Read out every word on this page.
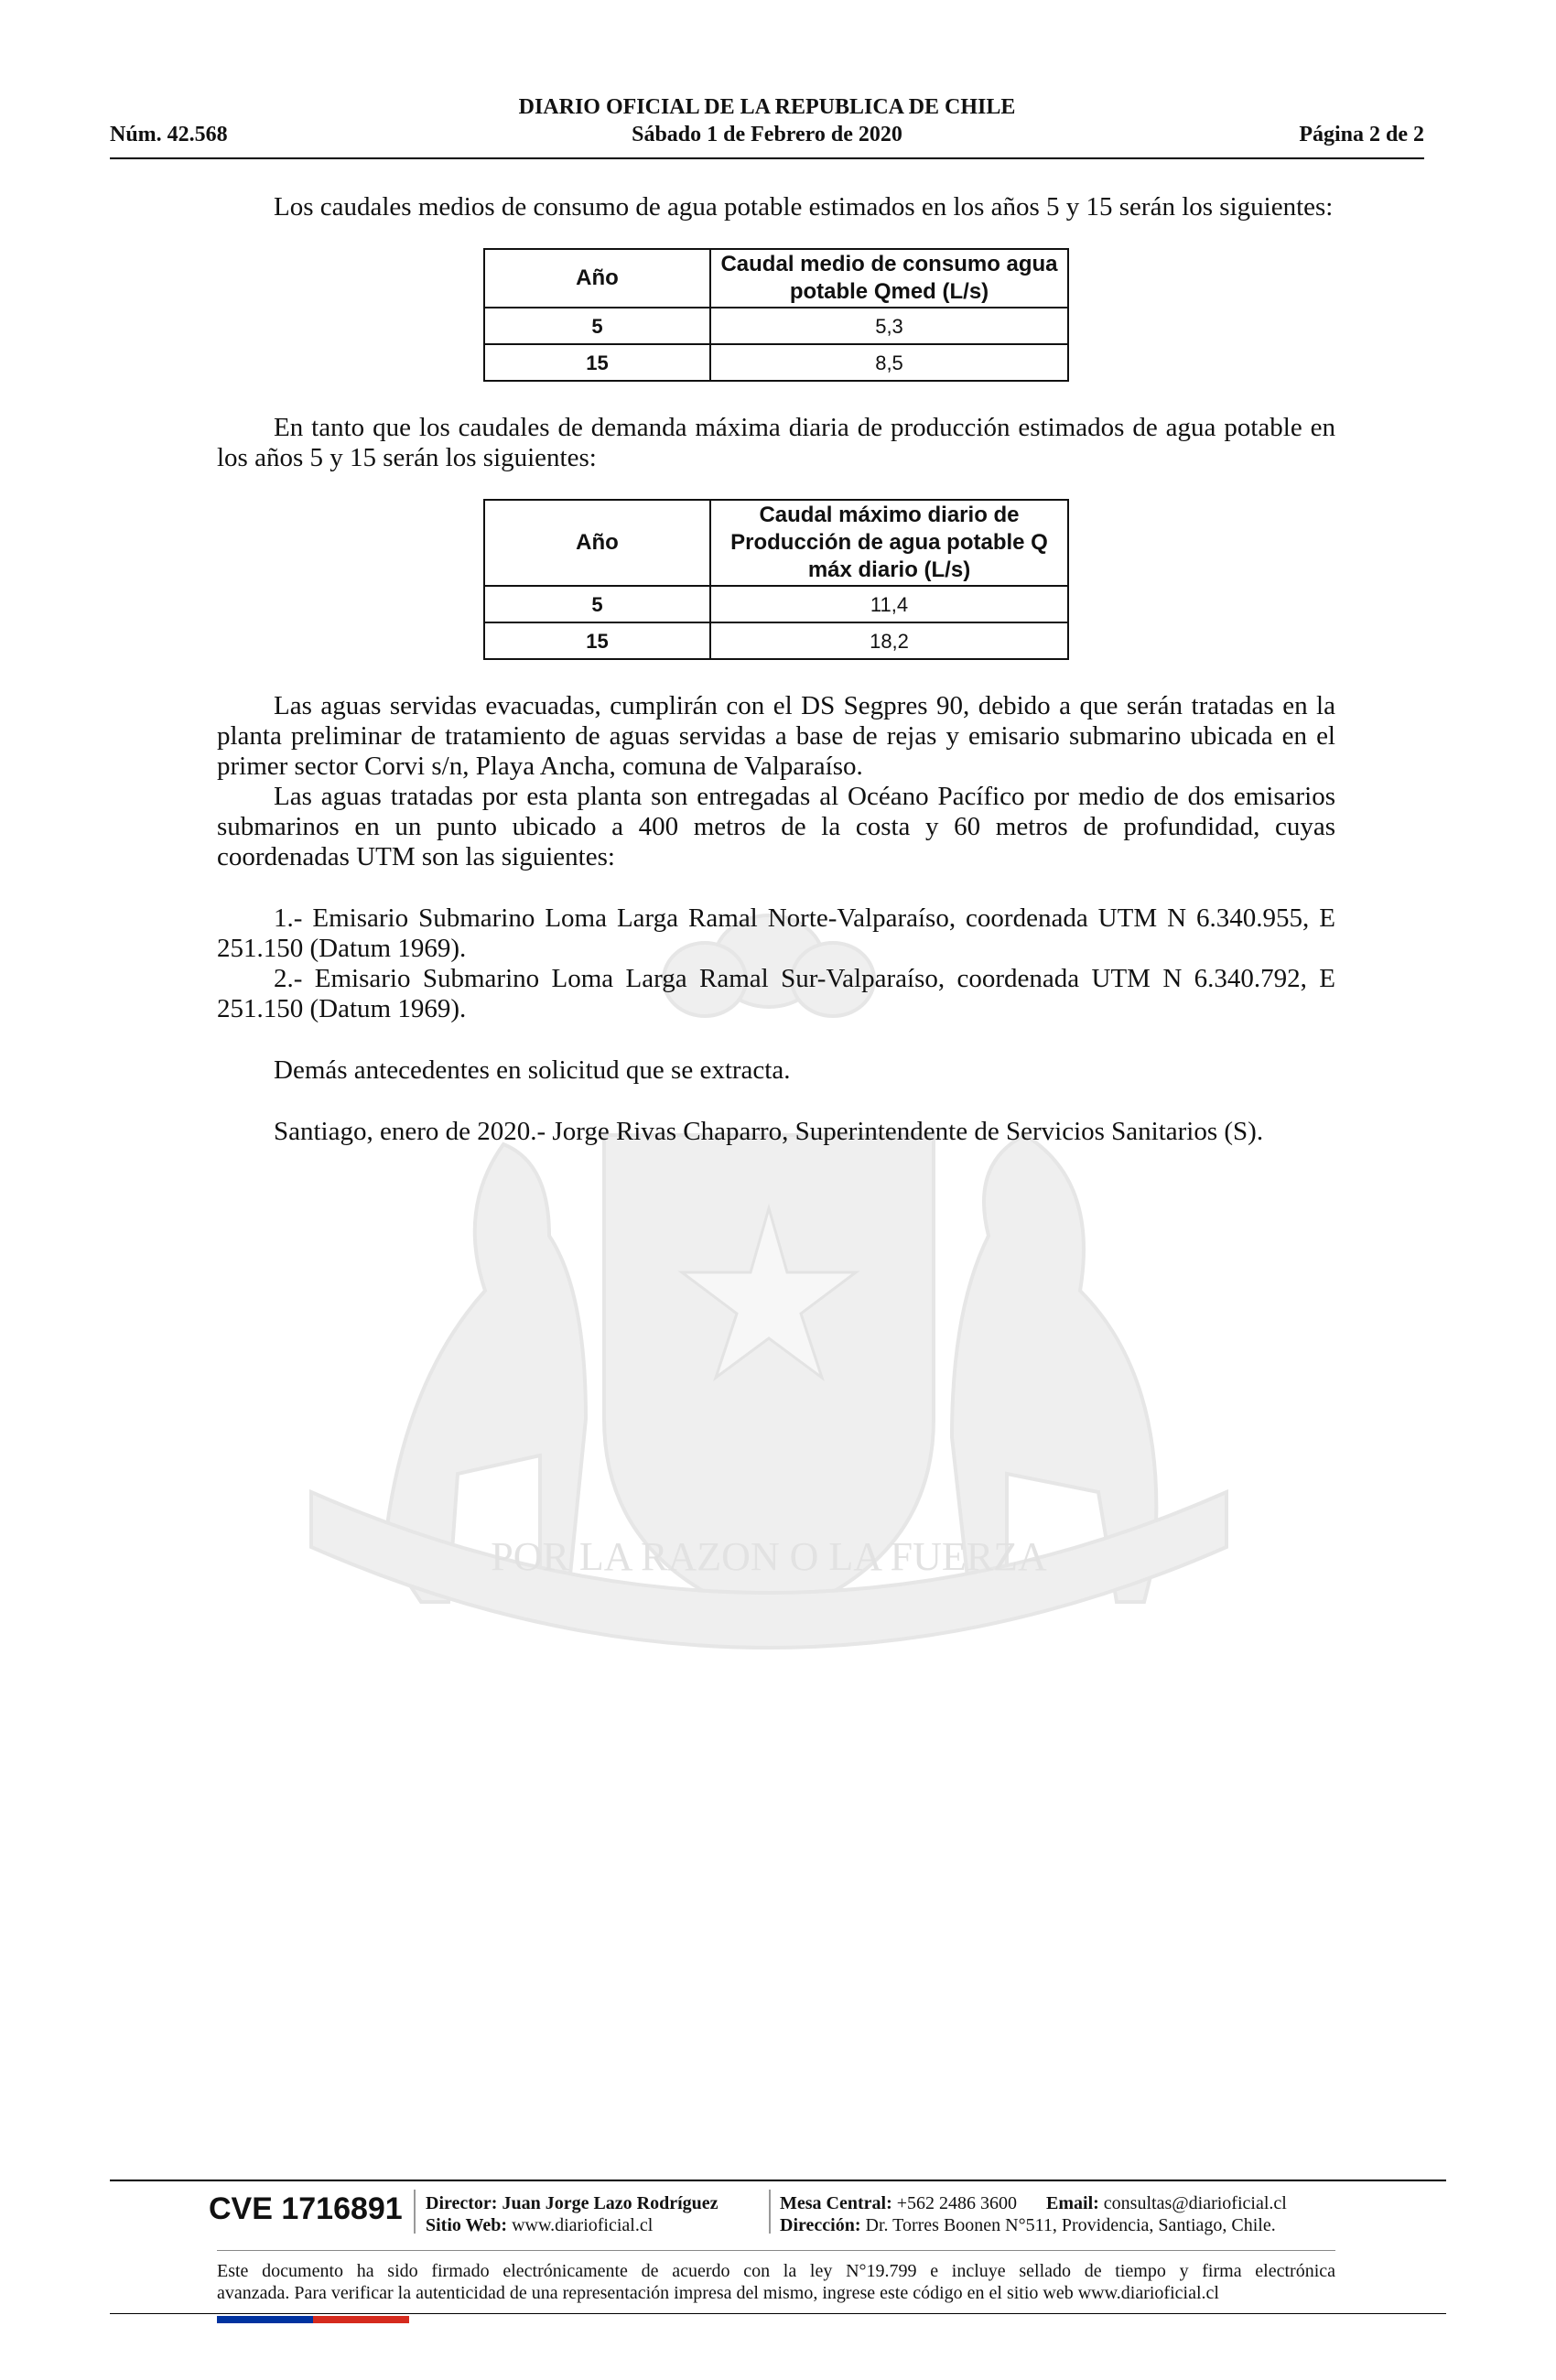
DIARIO OFICIAL DE LA REPUBLICA DE CHILE
Núm. 42.568	Sábado 1 de Febrero de 2020	Página 2 de 2
POR LA RAZON O LA FUERZA

Los caudales medios de consumo de agua potable estimados en los años 5 y 15 serán los siguientes:

Año	Caudal medio de consumo agua potable Qmed (L/s)
5	5,3
15	8,5

En tanto que los caudales de demanda máxima diaria de producción estimados de agua potable en los años 5 y 15 serán los siguientes:

Año	Caudal máximo diario de Producción de agua potable Q máx diario (L/s)
5	11,4
15	18,2

Las aguas servidas evacuadas, cumplirán con el DS Segpres 90, debido a que serán tratadas en la planta preliminar de tratamiento de aguas servidas a base de rejas y emisario submarino ubicada en el primer sector Corvi s/n, Playa Ancha, comuna de Valparaíso.

Las aguas tratadas por esta planta son entregadas al Océano Pacífico por medio de dos emisarios submarinos en un punto ubicado a 400 metros de la costa y 60 metros de profundidad, cuyas coordenadas UTM son las siguientes:

1.- Emisario Submarino Loma Larga Ramal Norte-Valparaíso, coordenada UTM N 6.340.955, E 251.150 (Datum 1969).

2.- Emisario Submarino Loma Larga Ramal Sur-Valparaíso, coordenada UTM N 6.340.792, E 251.150 (Datum 1969).

Demás antecedentes en solicitud que se extracta.

Santiago, enero de 2020.- Jorge Rivas Chaparro, Superintendente de Servicios Sanitarios (S).

CVE 1716891 Director: Juan Jorge Lazo Rodríguez
Sitio Web: www.diarioficial.cl
Mesa Central: +562 2486 3600 Email: consultas@diarioficial.cl
Dirección: Dr. Torres Boonen N°511, Providencia, Santiago, Chile.

Este documento ha sido firmado electrónicamente de acuerdo con la ley N°19.799 e incluye sellado de tiempo y firma electrónica

avanzada. Para verificar la autenticidad de una representación impresa del mismo, ingrese este código en el sitio web www.diarioficial.cl
